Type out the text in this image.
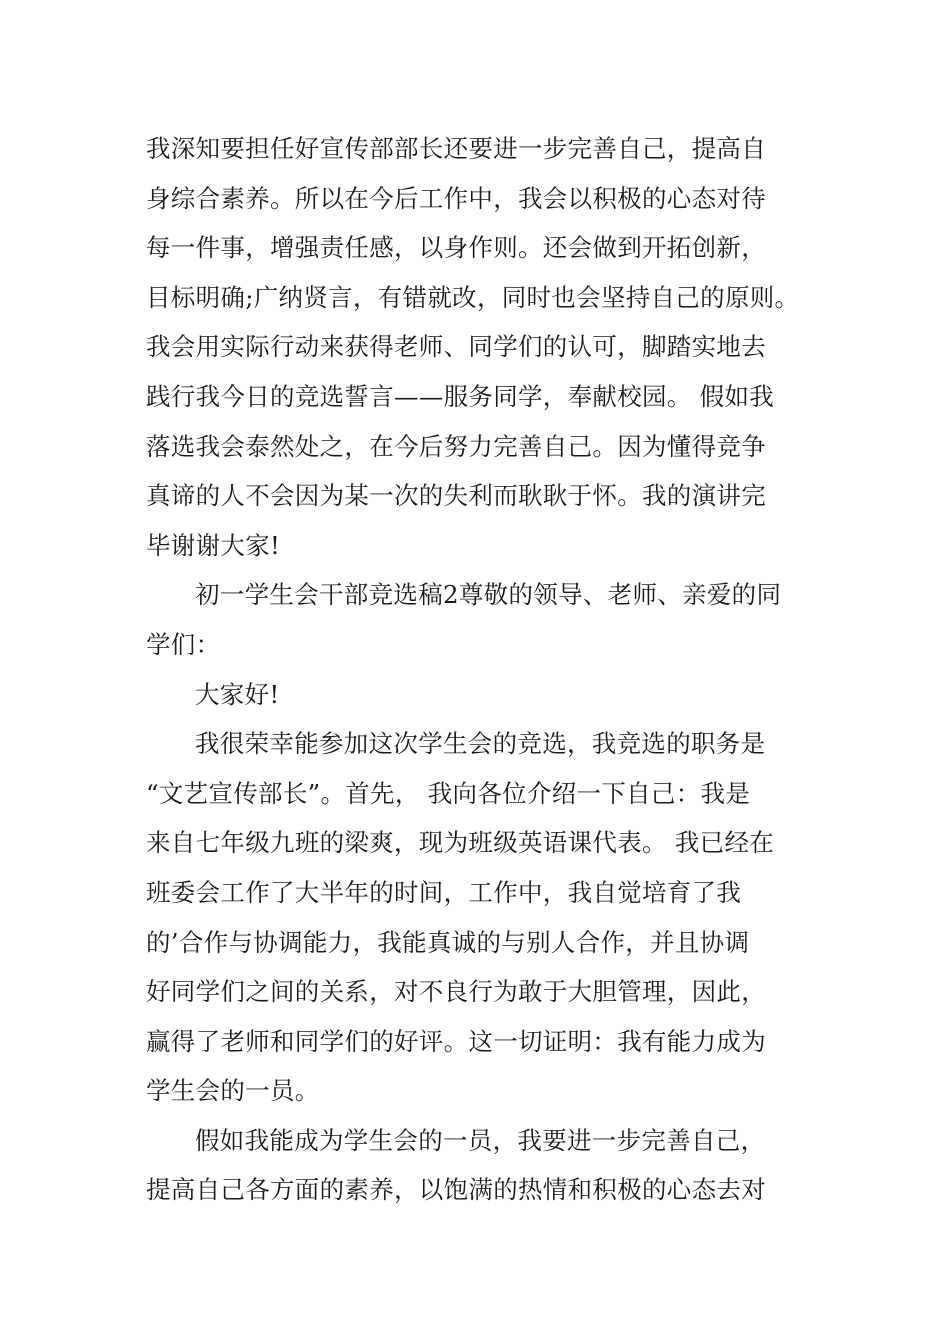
我深知要担任好宣传部部长还要进一步完善自己，提高自
身综合素养。所以在今后工作中，我会以积极的心态对待
每一件事，增强责任感，以身作则。还会做到开拓创新，
目标明确;广纳贤言，有错就改，同时也会坚持自己的原则。
我会用实际行动来获得老师、同学们的认可，脚踏实地去
践行我今日的竞选誓言——服务同学，奉献校园。 假如我
落选我会泰然处之，在今后努力完善自己。因为懂得竞争
真谛的人不会因为某一次的失利而耿耿于怀。我的演讲完
毕谢谢大家!
初一学生会干部竞选稿2尊敬的领导、老师、亲爱的同
学们：
大家好!
我很荣幸能参加这次学生会的竞选，我竞选的职务是
“文艺宣传部长”。首先， 我向各位介绍一下自己：我是
来自七年级九班的梁爽，现为班级英语课代表。 我已经在
班委会工作了大半年的时间，工作中，我自觉培育了我
的’合作与协调能力，我能真诚的与别人合作，并且协调
好同学们之间的关系，对不良行为敢于大胆管理，因此，
赢得了老师和同学们的好评。这一切证明：我有能力成为
学生会的一员。
假如我能成为学生会的一员，我要进一步完善自己，
提高自己各方面的素养，以饱满的热情和积极的心态去对
